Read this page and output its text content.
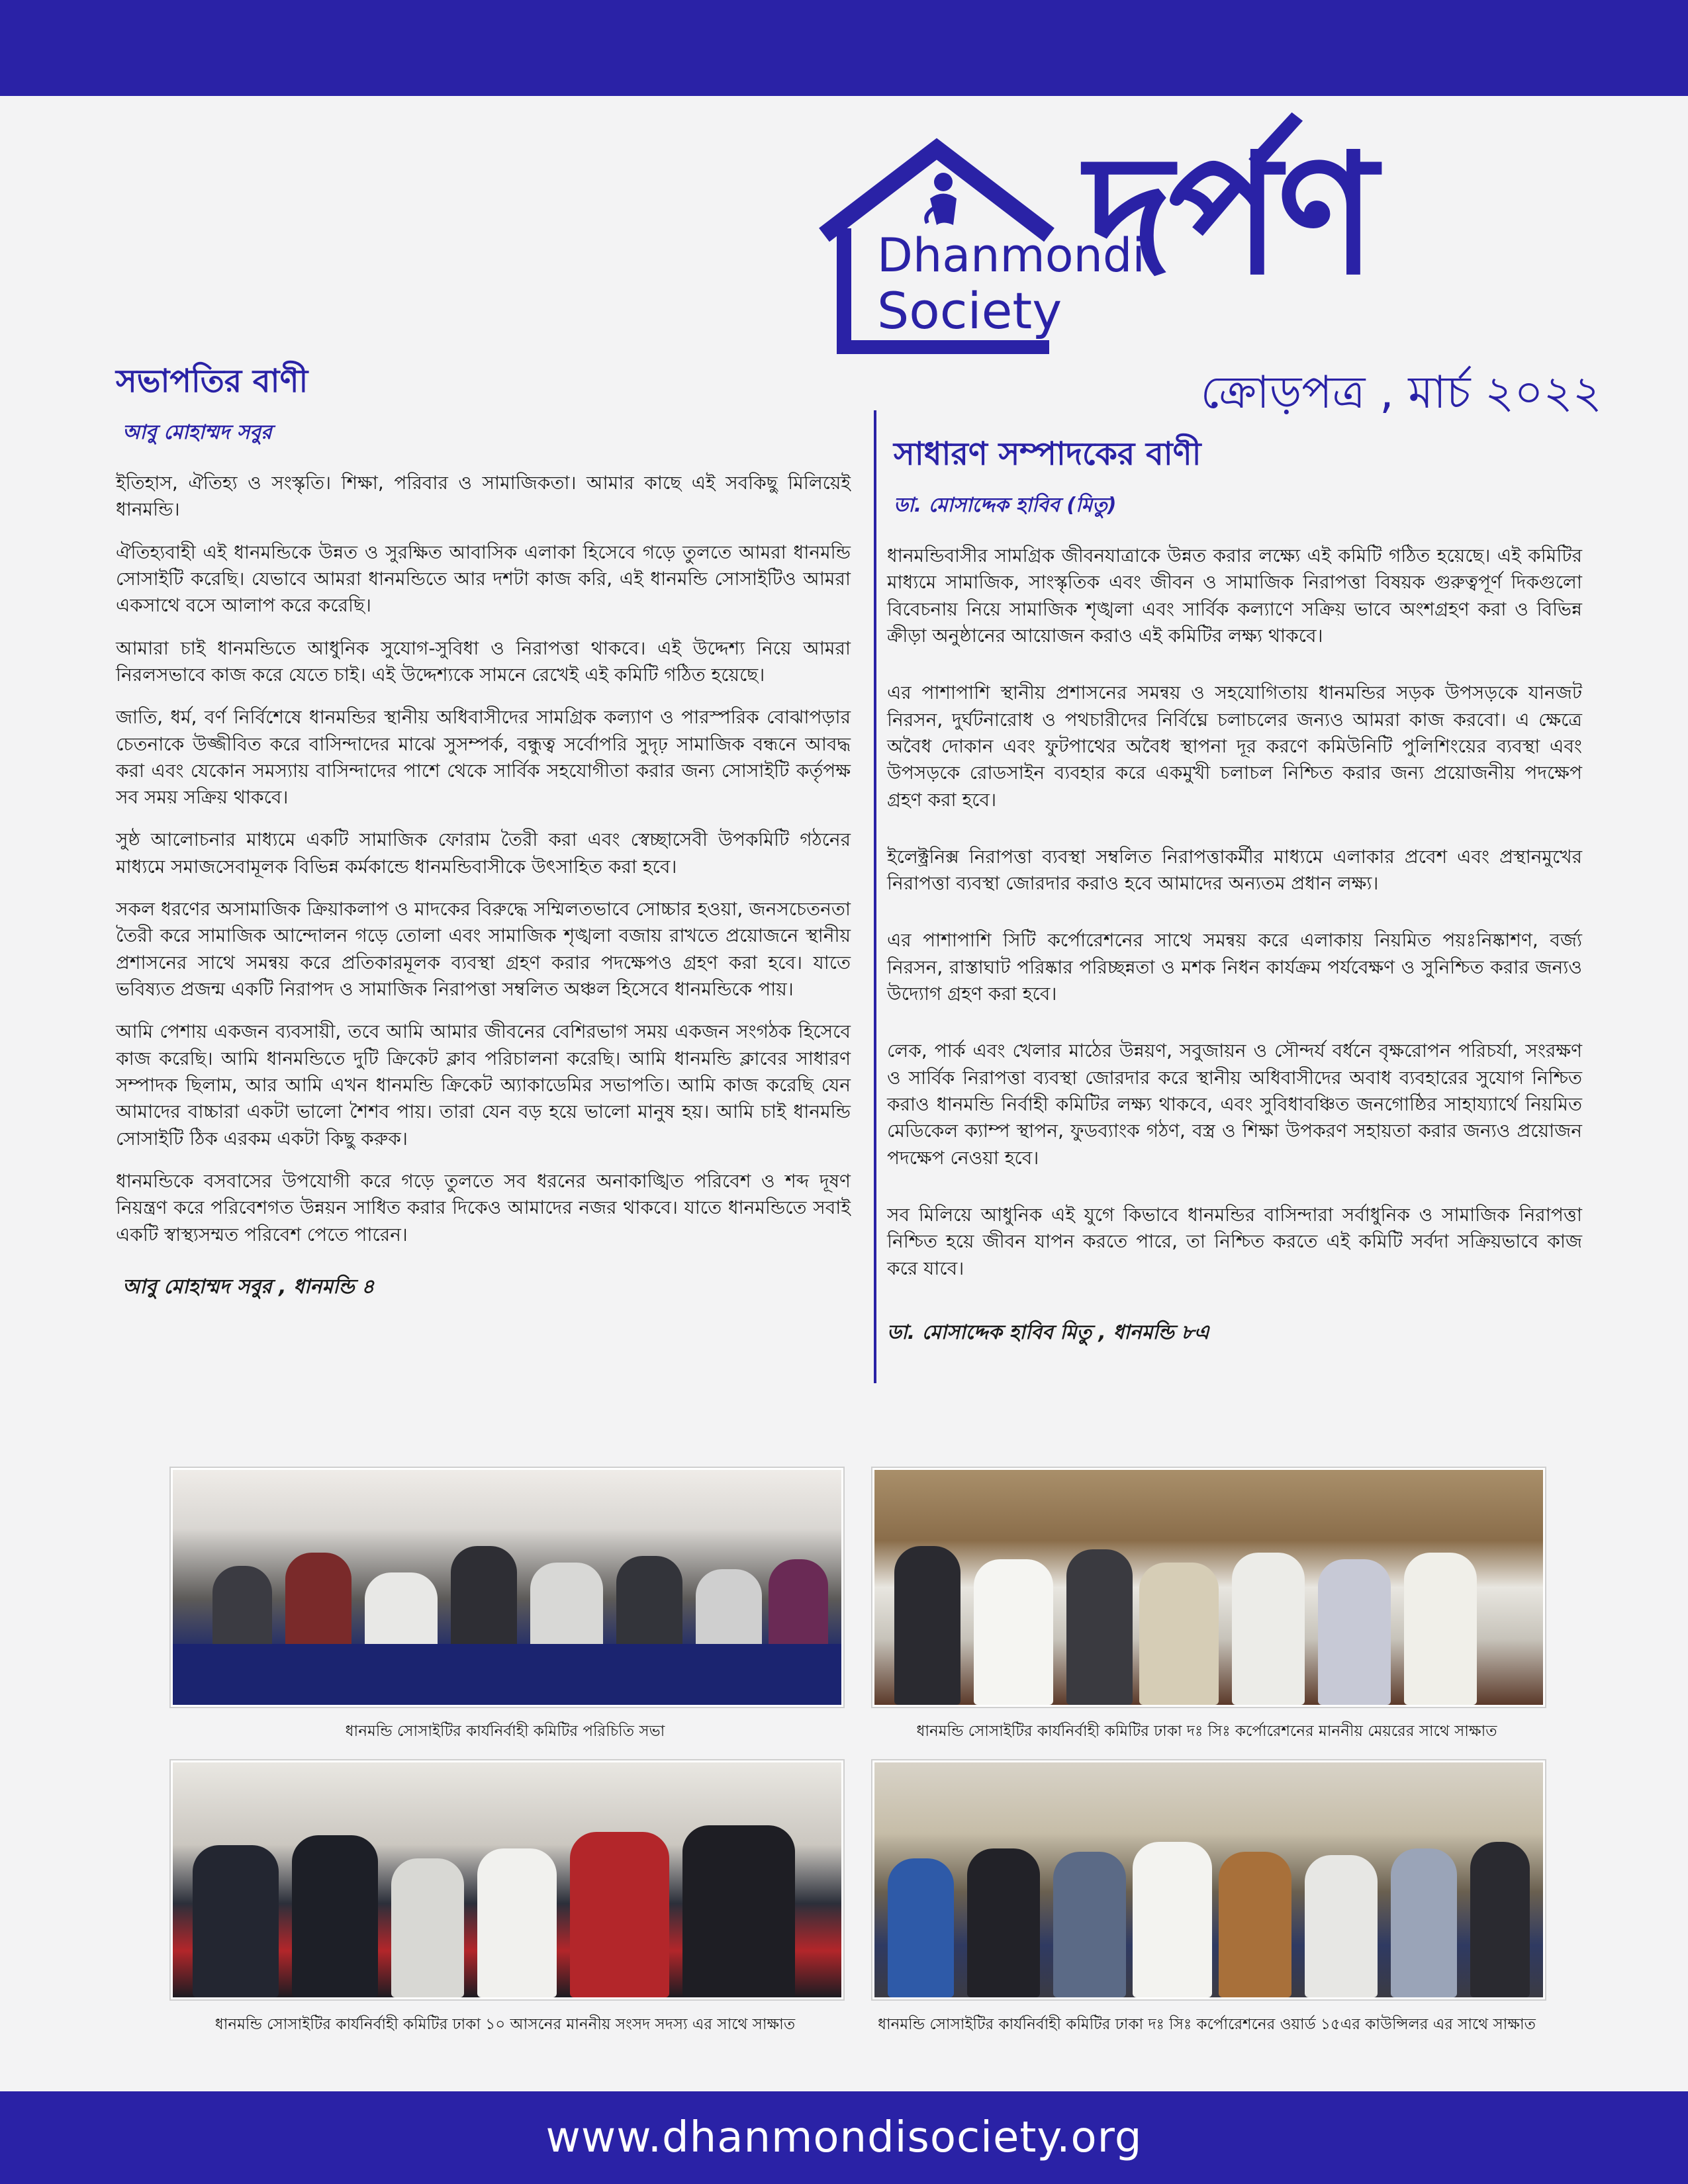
Dhanmondi
Society দর্পণ
ক্রোড়পত্র , মার্চ ২০২২
সভাপতির বাণী
আবু মোহাম্মদ সবুর

ইতিহাস, ঐতিহ্য ও সংস্কৃতি। শিক্ষা, পরিবার ও সামাজিকতা। আমার কাছে এই সবকিছু মিলিয়েই ধানমন্ডি।

ঐতিহ্যবাহী এই ধানমন্ডিকে উন্নত ও সুরক্ষিত আবাসিক এলাকা হিসেবে গড়ে তুলতে আমরা ধানমন্ডি সোসাইটি করেছি। যেভাবে আমরা ধানমন্ডিতে আর দশটা কাজ করি, এই ধানমন্ডি সোসাইটিও আমরা একসাথে বসে আলাপ করে করেছি।

আমারা চাই ধানমন্ডিতে আধুনিক সুযোগ-সুবিধা ও নিরাপত্তা থাকবে। এই উদ্দেশ্য নিয়ে আমরা নিরলসভাবে কাজ করে যেতে চাই। এই উদ্দেশ্যকে সামনে রেখেই এই কমিটি গঠিত হয়েছে।

জাতি, ধর্ম, বর্ণ নির্বিশেষে ধানমন্ডির স্থানীয় অধিবাসীদের সামগ্রিক কল্যাণ ও পারস্পরিক বোঝাপড়ার চেতনাকে উজ্জীবিত করে বাসিন্দাদের মাঝে সুসম্পর্ক, বন্ধুত্ব সর্বোপরি সুদৃঢ় সামাজিক বন্ধনে আবদ্ধ করা এবং যেকোন সমস্যায় বাসিন্দাদের পাশে থেকে সার্বিক সহযোগীতা করার জন্য সোসাইটি কর্তৃপক্ষ সব সময় সক্রিয় থাকবে।

সুষ্ঠ আলোচনার মাধ্যমে একটি সামাজিক ফোরাম তৈরী করা এবং স্বেচ্ছাসেবী উপকমিটি গঠনের মাধ্যমে সমাজসেবামূলক বিভিন্ন কর্মকান্ডে ধানমন্ডিবাসীকে উৎসাহিত করা হবে।

সকল ধরণের অসামাজিক ক্রিয়াকলাপ ও মাদকের বিরুদ্ধে সম্মিলতভাবে সোচ্চার হওয়া, জনসচেতনতা তৈরী করে সামাজিক আন্দোলন গড়ে তোলা এবং সামাজিক শৃঙ্খলা বজায় রাখতে প্রয়োজনে স্থানীয় প্রশাসনের সাথে সমন্বয় করে প্রতিকারমূলক ব্যবস্থা গ্রহণ করার পদক্ষেপও গ্রহণ করা হবে। যাতে ভবিষ্যত প্রজন্ম একটি নিরাপদ ও সামাজিক নিরাপত্তা সম্বলিত অঞ্চল হিসেবে ধানমন্ডিকে পায়।

আমি পেশায় একজন ব্যবসায়ী, তবে আমি আমার জীবনের বেশিরভাগ সময় একজন সংগঠক হিসেবে কাজ করেছি। আমি ধানমন্ডিতে দুটি ক্রিকেট ক্লাব পরিচালনা করেছি। আমি ধানমন্ডি ক্লাবের সাধারণ সম্পাদক ছিলাম, আর আমি এখন ধানমন্ডি ক্রিকেট অ্যাকাডেমির সভাপতি। আমি কাজ করেছি যেন আমাদের বাচ্চারা একটা ভালো শৈশব পায়। তারা যেন বড় হয়ে ভালো মানুষ হয়। আমি চাই ধানমন্ডি সোসাইটি ঠিক এরকম একটা কিছু করুক।

ধানমন্ডিকে বসবাসের উপযোগী করে গড়ে তুলতে সব ধরনের অনাকাঙ্খিত পরিবেশ ও শব্দ দূষণ নিয়ন্ত্রণ করে পরিবেশগত উন্নয়ন সাধিত করার দিকেও আমাদের নজর থাকবে। যাতে ধানমন্ডিতে সবাই একটি স্বাস্থ্যসম্মত পরিবেশ পেতে পারেন।

আবু মোহাম্মদ সবুর , ধানমন্ডি ৪
সাধারণ সম্পাদকের বাণী
ডা. মোসাদ্দেক হাবিব (মিতু)

ধানমন্ডিবাসীর সামগ্রিক জীবনযাত্রাকে উন্নত করার লক্ষ্যে এই কমিটি গঠিত হয়েছে। এই কমিটির মাধ্যমে সামাজিক, সাংস্কৃতিক এবং জীবন ও সামাজিক নিরাপত্তা বিষয়ক গুরুত্বপূর্ণ দিকগুলো বিবেচনায় নিয়ে সামাজিক শৃঙ্খলা এবং সার্বিক কল্যাণে সক্রিয় ভাবে অংশগ্রহণ করা ও বিভিন্ন ক্রীড়া অনুষ্ঠানের আয়োজন করাও এই কমিটির লক্ষ্য থাকবে।

এর পাশাপাশি স্থানীয় প্রশাসনের সমন্বয় ও সহযোগিতায় ধানমন্ডির সড়ক উপসড়কে যানজট নিরসন, দুর্ঘটনারোধ ও পথচারীদের নির্বিঘ্নে চলাচলের জন্যও আমরা কাজ করবো। এ ক্ষেত্রে অবৈধ দোকান এবং ফুটপাথের অবৈধ স্থাপনা দূর করণে কমিউনিটি পুলিশিংয়ের ব্যবস্থা এবং উপসড়কে রোডসাইন ব্যবহার করে একমুখী চলাচল নিশ্চিত করার জন্য প্রয়োজনীয় পদক্ষেপ গ্রহণ করা হবে।

ইলেক্ট্রনিক্স নিরাপত্তা ব্যবস্থা সম্বলিত নিরাপত্তাকর্মীর মাধ্যমে এলাকার প্রবেশ এবং প্রস্থানমুখের নিরাপত্তা ব্যবস্থা জোরদার করাও হবে আমাদের অন্যতম প্রধান লক্ষ্য।

এর পাশাপাশি সিটি কর্পোরেশনের সাথে সমন্বয় করে এলাকায় নিয়মিত পয়ঃনিষ্কাশণ, বর্জ্য নিরসন, রাস্তাঘাট পরিষ্কার পরিচ্ছন্নতা ও মশক নিধন কার্যক্রম পর্যবেক্ষণ ও সুনিশ্চিত করার জন্যও উদ্যোগ গ্রহণ করা হবে।

লেক, পার্ক এবং খেলার মাঠের উন্নয়ণ, সবুজায়ন ও সৌন্দর্য বর্ধনে বৃক্ষরোপন পরিচর্যা, সংরক্ষণ ও সার্বিক নিরাপত্তা ব্যবস্থা জোরদার করে স্থানীয় অধিবাসীদের অবাধ ব্যবহারের সুযোগ নিশ্চিত করাও ধানমন্ডি নির্বাহী কমিটির লক্ষ্য থাকবে, এবং সুবিধাবঞ্চিত জনগোষ্ঠির সাহায্যার্থে নিয়মিত মেডিকেল ক্যাম্প স্থাপন, ফুডব্যাংক গঠণ, বস্ত্র ও শিক্ষা উপকরণ সহায়তা করার জন্যও প্রয়োজন পদক্ষেপ নেওয়া হবে।

সব মিলিয়ে আধুনিক এই যুগে কিভাবে ধানমন্ডির বাসিন্দারা সর্বাধুনিক ও সামাজিক নিরাপত্তা নিশ্চিত হয়ে জীবন যাপন করতে পারে, তা নিশ্চিত করতে এই কমিটি সর্বদা সক্রিয়ভাবে কাজ করে যাবে।

ডা. মোসাদ্দেক হাবিব মিতু , ধানমন্ডি ৮এ
ধানমন্ডি সোসাইটির কার্যনির্বাহী কমিটির পরিচিতি সভা	ধানমন্ডি সোসাইটির কার্যনির্বাহী কমিটির ঢাকা দঃ সিঃ কর্পোরেশনের মাননীয় মেয়রের সাথে সাক্ষাত
ধানমন্ডি সোসাইটির কার্যনির্বাহী কমিটির ঢাকা ১০ আসনের মাননীয় সংসদ সদস্য এর সাথে সাক্ষাত	ধানমন্ডি সোসাইটির কার্যনির্বাহী কমিটির ঢাকা দঃ সিঃ কর্পোরেশনের ওয়ার্ড ১৫এর কাউন্সিলর এর সাথে সাক্ষাত
www.dhanmondisociety.org
